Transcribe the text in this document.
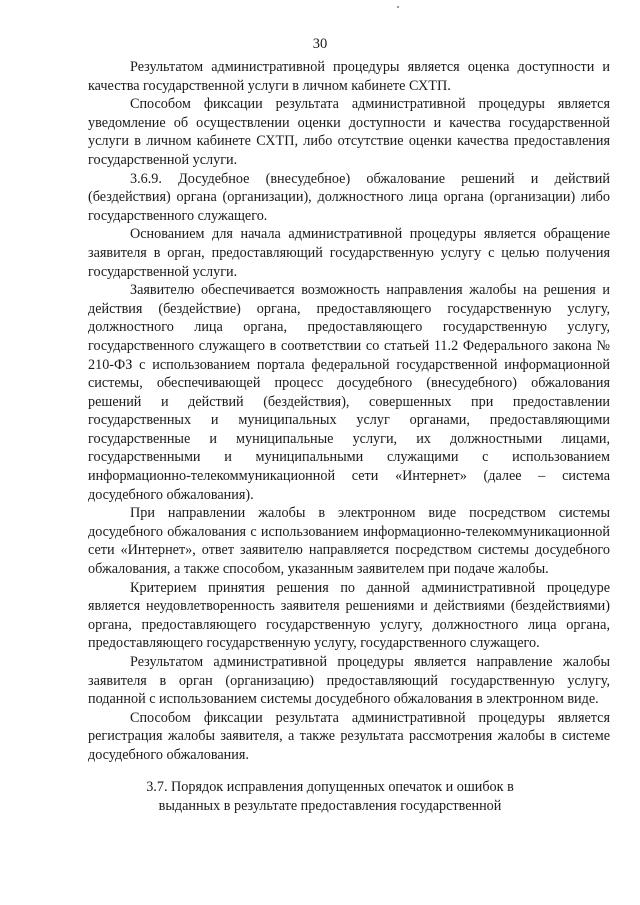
30

Результатом административной процедуры является оценка доступности и качества государственной услуги в личном кабинете СХТП.

Способом фиксации результата административной процедуры является уведомление об осуществлении оценки доступности и качества государственной услуги в личном кабинете СХТП, либо отсутствие оценки качества предоставления государственной услуги.

3.6.9. Досудебное (внесудебное) обжалование решений и действий (бездействия) органа (организации), должностного лица органа (организации) либо государственного служащего.

Основанием для начала административной процедуры является обращение заявителя в орган, предоставляющий государственную услугу с целью получения государственной услуги.

Заявителю обеспечивается возможность направления жалобы на решения и действия (бездействие) органа, предоставляющего государственную услугу, должностного лица органа, предоставляющего государственную услугу, государственного служащего в соответствии со статьей 11.2 Федерального закона № 210-ФЗ с использованием портала федеральной государственной информационной системы, обеспечивающей процесс досудебного (внесудебного) обжалования решений и действий (бездействия), совершенных при предоставлении государственных и муниципальных услуг органами, предоставляющими государственные и муниципальные услуги, их должностными лицами, государственными и муниципальными служащими с использованием информационно-телекоммуникационной сети «Интернет» (далее – система досудебного обжалования).

При направлении жалобы в электронном виде посредством системы досудебного обжалования с использованием информационно-телекоммуникационной сети «Интернет», ответ заявителю направляется посредством системы досудебного обжалования, а также способом, указанным заявителем при подаче жалобы.

Критерием принятия решения по данной административной процедуре является неудовлетворенность заявителя решениями и действиями (бездействиями) органа, предоставляющего государственную услугу, должностного лица органа, предоставляющего государственную услугу, государственного служащего.

Результатом административной процедуры является направление жалобы заявителя в орган (организацию) предоставляющий государственную услугу, поданной с использованием системы досудебного обжалования в электронном виде.

Способом фиксации результата административной процедуры является регистрация жалобы заявителя, а также результата рассмотрения жалобы в системе досудебного обжалования.

3.7. Порядок исправления допущенных опечаток и ошибок в
выданных в результате предоставления государственной
